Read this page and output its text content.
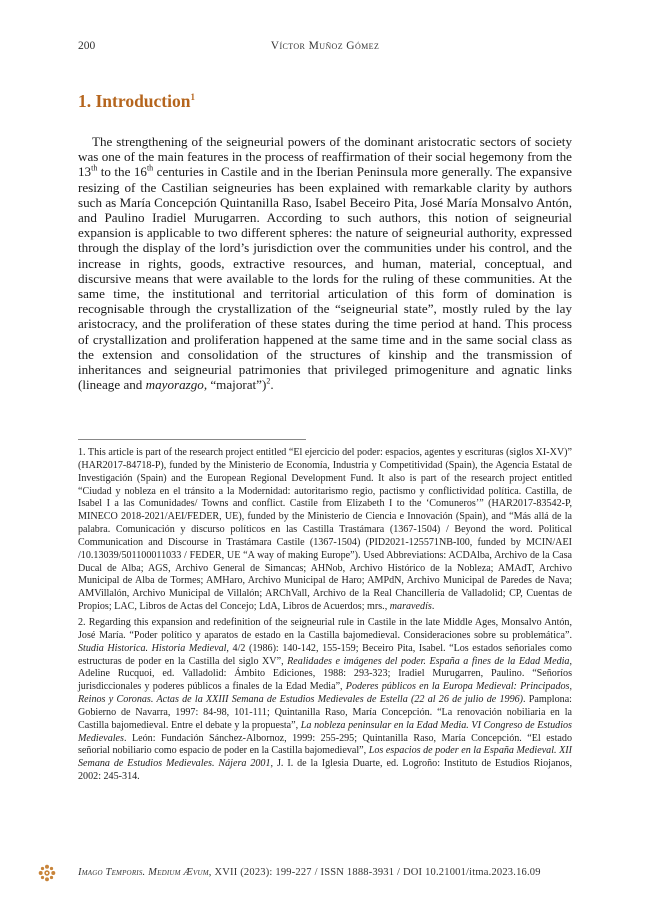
200	Víctor Muñoz Gómez
1. Introduction$^1$

The strengthening of the seigneurial powers of the dominant aristocratic sectors of society was one of the main features in the process of reaffirmation of their social hegemony from the 13th to the 16th centuries in Castile and in the Iberian Peninsula more generally. The expansive resizing of the Castilian seigneuries has been explained with remarkable clarity by authors such as María Concepción Quintanilla Raso, Isabel Beceiro Pita, José María Monsalvo Antón, and Paulino Iradiel Murugarren. According to such authors, this notion of seigneurial expansion is applicable to two different spheres: the nature of seigneurial authority, expressed through the display of the lord’s jurisdiction over the communities under his control, and the increase in rights, goods, extractive resources, and human, material, conceptual, and discursive means that were available to the lords for the ruling of these communities. At the same time, the institutional and territorial articulation of this form of domination is recognisable through the crystallization of the “seigneurial state”, mostly ruled by the lay aristocracy, and the proliferation of these states during the time period at hand. This process of crystallization and proliferation happened at the same time and in the same social class as the extension and consolidation of the structures of kinship and the transmission of inheritances and seigneurial patrimonies that privileged primogeniture and agnatic links (lineage and mayorazgo, “majorat”)$^2$.

1. This article is part of the research project entitled “El ejercicio del poder: espacios, agentes y escrituras (siglos XI-XV)” (HAR2017-84718-P), funded by the Ministerio de Economía, Industria y Competitividad (Spain), the Agencia Estatal de Investigación (Spain) and the European Regional Development Fund. It also is part of the research project entitled “Ciudad y nobleza en el tránsito a la Modernidad: autoritarismo regio, pactismo y conflictividad política. Castilla, de Isabel I a las Comunidades/ Towns and conflict. Castile from Elizabeth I to the ‘Comuneros’” (HAR2017-83542-P, MINECO 2018-2021/AEI/FEDER, UE), funded by the Ministerio de Ciencia e Innovación (Spain), and “Más allá de la palabra. Comunicación y discurso políticos en las Castilla Trastámara (1367-1504) / Beyond the word. Political Communication and Discourse in Trastámara Castile (1367-1504) (PID2021-125571NB-I00, funded by MCIN/AEI /10.13039/501100011033 / FEDER, UE “A way of making Europe”). Used Abbreviations: ACDAlba, Archivo de la Casa Ducal de Alba; AGS, Archivo General de Simancas; AHNob, Archivo Histórico de la Nobleza; AMAdT, Archivo Municipal de Alba de Tormes; AMHaro, Archivo Municipal de Haro; AMPdN, Archivo Municipal de Paredes de Nava; AMVillalón, Archivo Municipal de Villalón; ARChVall, Archivo de la Real Chancillería de Valladolid; CP, Cuentas de Propios; LAC, Libros de Actas del Concejo; LdA, Libros de Acuerdos; mrs., maravedís.

2. Regarding this expansion and redefinition of the seigneurial rule in Castile in the late Middle Ages, Monsalvo Antón, José María. “Poder político y aparatos de estado en la Castilla bajomedieval. Consideraciones sobre su problemática”. Studia Historica. Historia Medieval, 4/2 (1986): 140-142, 155-159; Beceiro Pita, Isabel. “Los estados señoriales como estructuras de poder en la Castilla del siglo XV”, Realidades e imágenes del poder. España a fines de la Edad Media, Adeline Rucquoi, ed. Valladolid: Ámbito Ediciones, 1988: 293-323; Iradiel Murugarren, Paulino. “Señoríos jurisdiccionales y poderes públicos a finales de la Edad Media”, Poderes públicos en la Europa Medieval: Principados, Reinos y Coronas. Actas de la XXIII Semana de Estudios Medievales de Estella (22 al 26 de julio de 1996). Pamplona: Gobierno de Navarra, 1997: 84-98, 101-111; Quintanilla Raso, María Concepción. “La renovación nobiliaria en la Castilla bajomedieval. Entre el debate y la propuesta”, La nobleza peninsular en la Edad Media. VI Congreso de Estudios Medievales. León: Fundación Sánchez-Albornoz, 1999: 255-295; Quintanilla Raso, María Concepción. “El estado señorial nobiliario como espacio de poder en la Castilla bajomedieval”, Los espacios de poder en la España Medieval. XII Semana de Estudios Medievales. Nájera 2001, J. I. de la Iglesia Duarte, ed. Logroño: Instituto de Estudios Riojanos, 2002: 245-314.

Imago Temporis. Medium Ævum, XVII (2023): 199-227 / ISSN 1888-3931 / DOI 10.21001/itma.2023.16.09
